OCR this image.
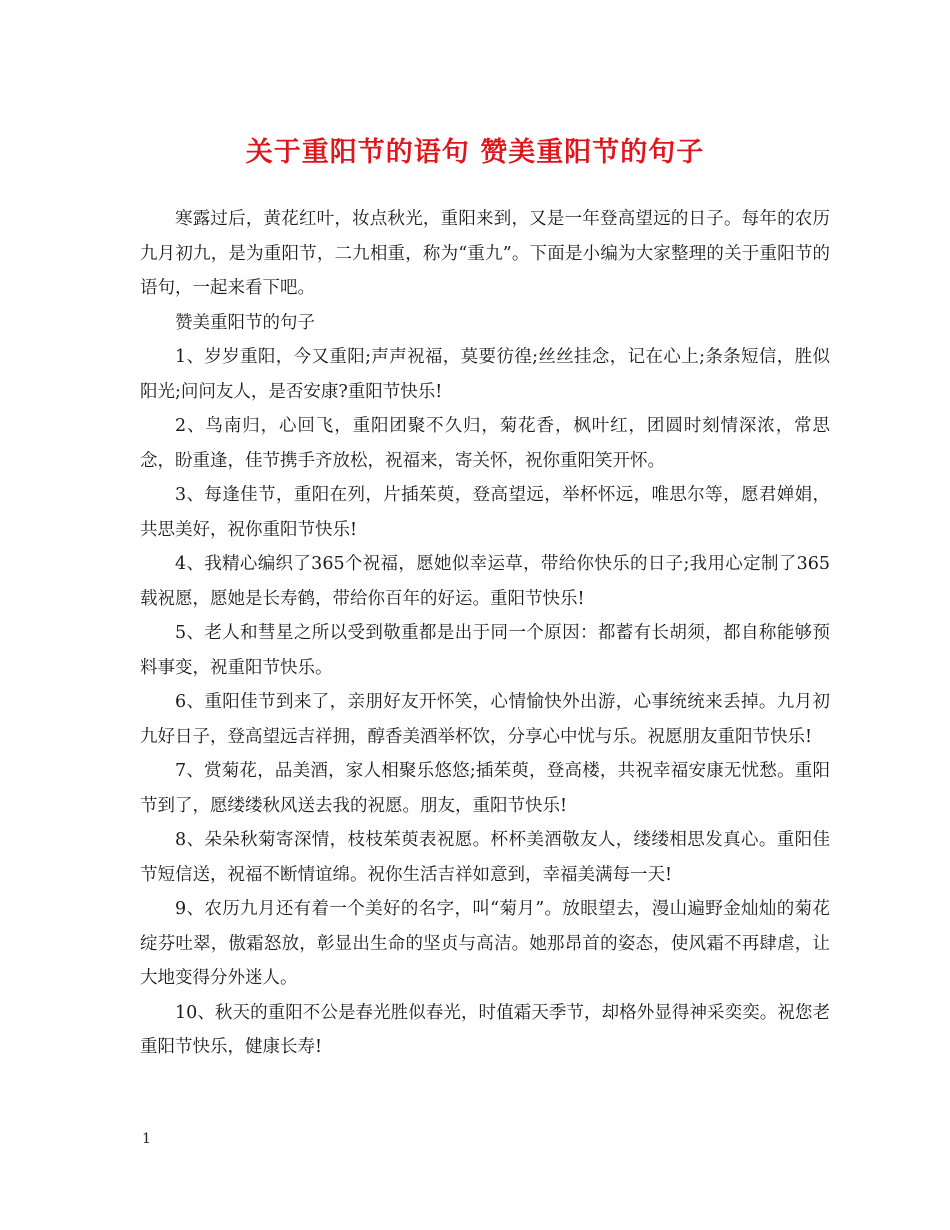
关于重阳节的语句 赞美重阳节的句子

寒露过后，黄花红叶，妆点秋光，重阳来到，又是一年登高望远的日子。每年的农历九月初九，是为重阳节，二九相重，称为“重九”。下面是小编为大家整理的关于重阳节的语句，一起来看下吧。

赞美重阳节的句子

1、岁岁重阳，今又重阳;声声祝福，莫要彷徨;丝丝挂念，记在心上;条条短信，胜似阳光;问问友人，是否安康?重阳节快乐!

2、鸟南归，心回飞，重阳团聚不久归，菊花香，枫叶红，团圆时刻情深浓，常思念，盼重逢，佳节携手齐放松，祝福来，寄关怀，祝你重阳笑开怀。

3、每逢佳节，重阳在列，片插茱萸，登高望远，举杯怀远，唯思尔等，愿君婵娟，共思美好，祝你重阳节快乐!

4、我精心编织了365个祝福，愿她似幸运草，带给你快乐的日子;我用心定制了365载祝愿，愿她是长寿鹤，带给你百年的好运。重阳节快乐!

5、老人和彗星之所以受到敬重都是出于同一个原因：都蓄有长胡须，都自称能够预料事变，祝重阳节快乐。

6、重阳佳节到来了，亲朋好友开怀笑，心情愉快外出游，心事统统来丢掉。九月初九好日子，登高望远吉祥拥，醇香美酒举杯饮，分享心中忧与乐。祝愿朋友重阳节快乐!

7、赏菊花，品美酒，家人相聚乐悠悠;插茱萸，登高楼，共祝幸福安康无忧愁。重阳节到了，愿缕缕秋风送去我的祝愿。朋友，重阳节快乐!

8、朵朵秋菊寄深情，枝枝茱萸表祝愿。杯杯美酒敬友人，缕缕相思发真心。重阳佳节短信送，祝福不断情谊绵。祝你生活吉祥如意到，幸福美满每一天!

9、农历九月还有着一个美好的名字，叫“菊月”。放眼望去，漫山遍野金灿灿的菊花绽芬吐翠，傲霜怒放，彰显出生命的坚贞与高洁。她那昂首的姿态，使风霜不再肆虐，让大地变得分外迷人。

10、秋天的重阳不公是春光胜似春光，时值霜天季节，却格外显得神采奕奕。祝您老重阳节快乐，健康长寿!

1
